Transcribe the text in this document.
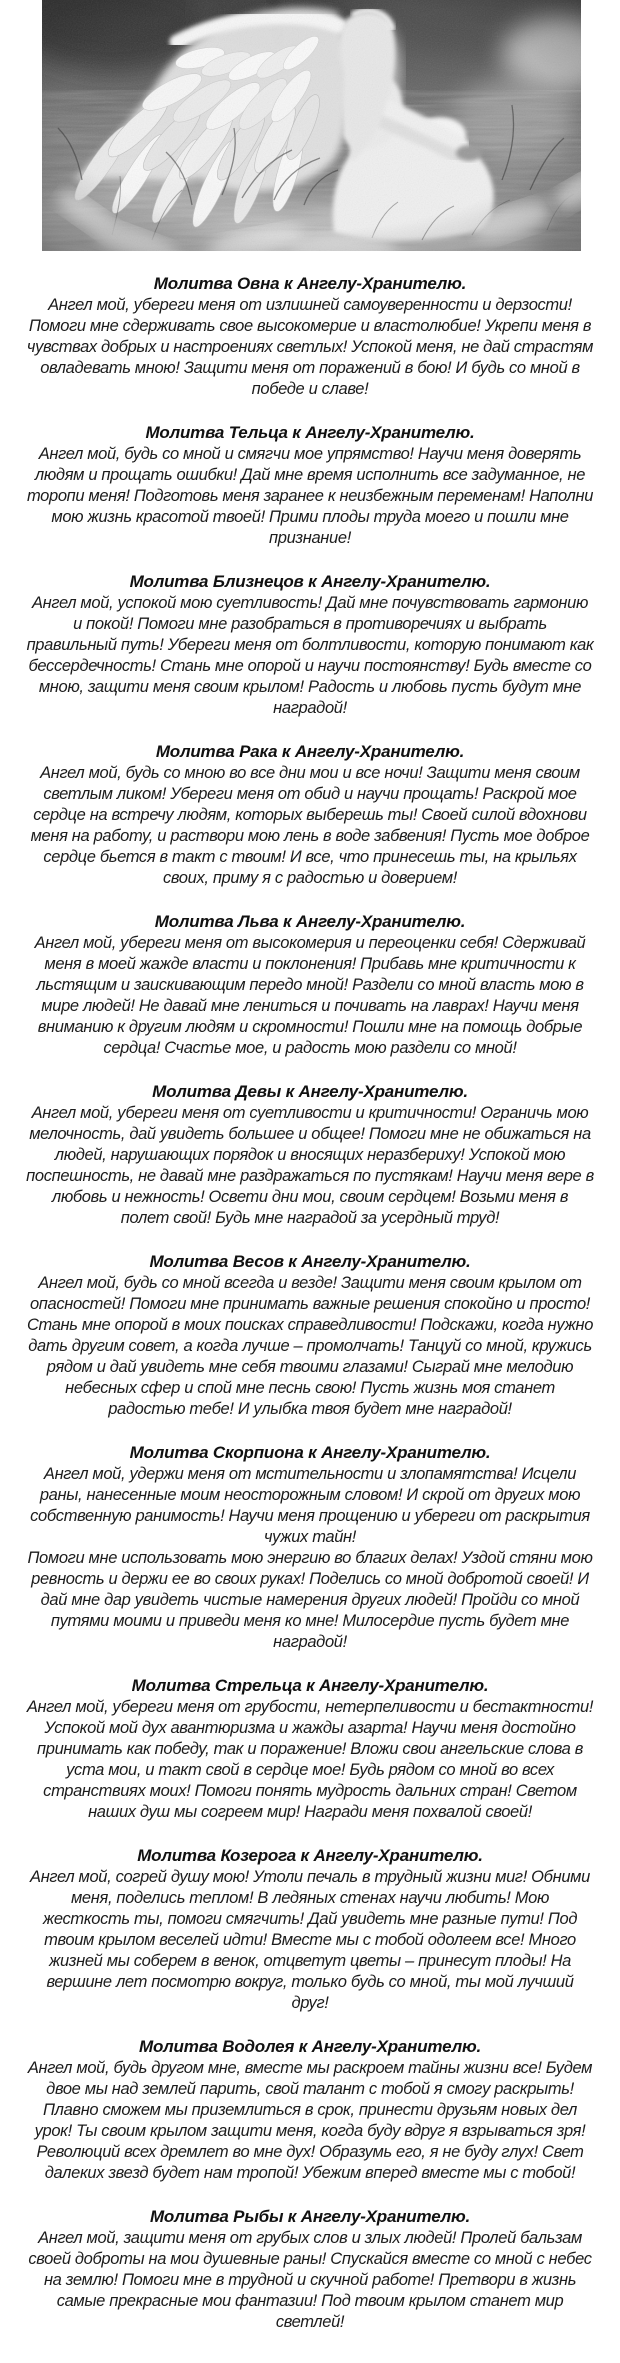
Молитва Овна к Ангелу-Хранителю.

Ангел мой, убереги меня от излишней самоуверенности и дерзости! Помоги мне сдерживать свое высокомерие и властолюбие! Укрепи меня в чувствах добрых и настроениях светлых! Успокой меня, не дай страстям овладевать мною! Защити меня от поражений в бою! И будь со мной в победе и славе!

Молитва Тельца к Ангелу-Хранителю.

Ангел мой, будь со мной и смягчи мое упрямство! Научи меня доверять людям и прощать ошибки! Дай мне время исполнить все задуманное, не торопи меня! Подготовь меня заранее к неизбежным переменам! Наполни мою жизнь красотой твоей! Прими плоды труда моего и пошли мне признание!

Молитва Близнецов к Ангелу-Хранителю.

Ангел мой, успокой мою суетливость! Дай мне почувствовать гармонию и покой! Помоги мне разобраться в противоречиях и выбрать правильный путь! Убереги меня от болтливости, которую понимают как бессердечность! Стань мне опорой и научи постоянству! Будь вместе со мною, защити меня своим крылом! Радость и любовь пусть будут мне наградой!

Молитва Рака к Ангелу-Хранителю.

Ангел мой, будь со мною во все дни мои и все ночи! Защити меня своим светлым ликом! Убереги меня от обид и научи прощать! Раскрой мое сердце на встречу людям, которых выберешь ты! Своей силой вдохнови меня на работу, и раствори мою лень в воде забвения! Пусть мое доброе сердце бьется в такт с твоим! И все, что принесешь ты, на крыльях своих, приму я с радостью и доверием!

Молитва Льва к Ангелу-Хранителю.

Ангел мой, убереги меня от высокомерия и переоценки себя! Сдерживай меня в моей жажде власти и поклонения! Прибавь мне критичности к льстящим и заискивающим передо мной! Раздели со мной власть мою в мире людей! Не давай мне лениться и почивать на лаврах! Научи меня вниманию к другим людям и скромности! Пошли мне на помощь добрые сердца! Счастье мое, и радость мою раздели со мной!

Молитва Девы к Ангелу-Хранителю.

Ангел мой, убереги меня от суетливости и критичности! Ограничь мою мелочность, дай увидеть большее и общее! Помоги мне не обижаться на людей, нарушающих порядок и вносящих неразбериху! Успокой мою поспешность, не давай мне раздражаться по пустякам! Научи меня вере в любовь и нежность! Освети дни мои, своим сердцем! Возьми меня в полет свой! Будь мне наградой за усердный труд!

Молитва Весов к Ангелу-Хранителю.

Ангел мой, будь со мной всегда и везде! Защити меня своим крылом от опасностей! Помоги мне принимать важные решения спокойно и просто! Стань мне опорой в моих поисках справедливости! Подскажи, когда нужно дать другим совет, а когда лучше – промолчать! Танцуй со мной, кружись рядом и дай увидеть мне себя твоими глазами! Сыграй мне мелодию небесных сфер и спой мне песнь свою! Пусть жизнь моя станет радостью тебе! И улыбка твоя будет мне наградой!

Молитва Скорпиона к Ангелу-Хранителю.

Ангел мой, удержи меня от мстительности и злопамятства! Исцели раны, нанесенные моим неосторожным словом! И скрой от других мою собственную ранимость! Научи меня прощению и убереги от раскрытия чужих тайн!

Помоги мне использовать мою энергию во благих делах! Уздой стяни мою ревность и держи ее во своих руках! Поделись со мной добротой своей! И дай мне дар увидеть чистые намерения других людей! Пройди со мной путями моими и приведи меня ко мне! Милосердие пусть будет мне наградой!

Молитва Стрельца к Ангелу-Хранителю.

Ангел мой, убереги меня от грубости, нетерпеливости и бестактности! Успокой мой дух авантюризма и жажды азарта! Научи меня достойно принимать как победу, так и поражение! Вложи свои ангельские слова в уста мои, и такт свой в сердце мое! Будь рядом со мной во всех странствиях моих! Помоги понять мудрость дальних стран! Светом наших душ мы согреем мир! Награди меня похвалой своей!

Молитва Козерога к Ангелу-Хранителю.

Ангел мой, согрей душу мою! Утоли печаль в трудный жизни миг! Обними меня, поделись теплом! В ледяных стенах научи любить! Мою жесткость ты, помоги смягчить! Дай увидеть мне разные пути! Под твоим крылом веселей идти! Вместе мы с тобой одолеем все! Много жизней мы соберем в венок, отцветут цветы – принесут плоды! На вершине лет посмотрю вокруг, только будь со мной, ты мой лучший друг!

Молитва Водолея к Ангелу-Хранителю.

Ангел мой, будь другом мне, вместе мы раскроем тайны жизни все! Будем двое мы над землей парить, свой талант с тобой я смогу раскрыть! Плавно сможем мы приземлиться в срок, принести друзьям новых дел урок! Ты своим крылом защити меня, когда буду вдруг я взрываться зря! Революций всех дремлет во мне дух! Образумь его, я не буду глух! Свет далеких звезд будет нам тропой! Убежим вперед вместе мы с тобой!

Молитва Рыбы к Ангелу-Хранителю.

Ангел мой, защити меня от грубых слов и злых людей! Пролей бальзам своей доброты на мои душевные раны! Спускайся вместе со мной с небес на землю! Помоги мне в трудной и скучной работе! Претвори в жизнь самые прекрасные мои фантазии! Под твоим крылом станет мир светлей!
